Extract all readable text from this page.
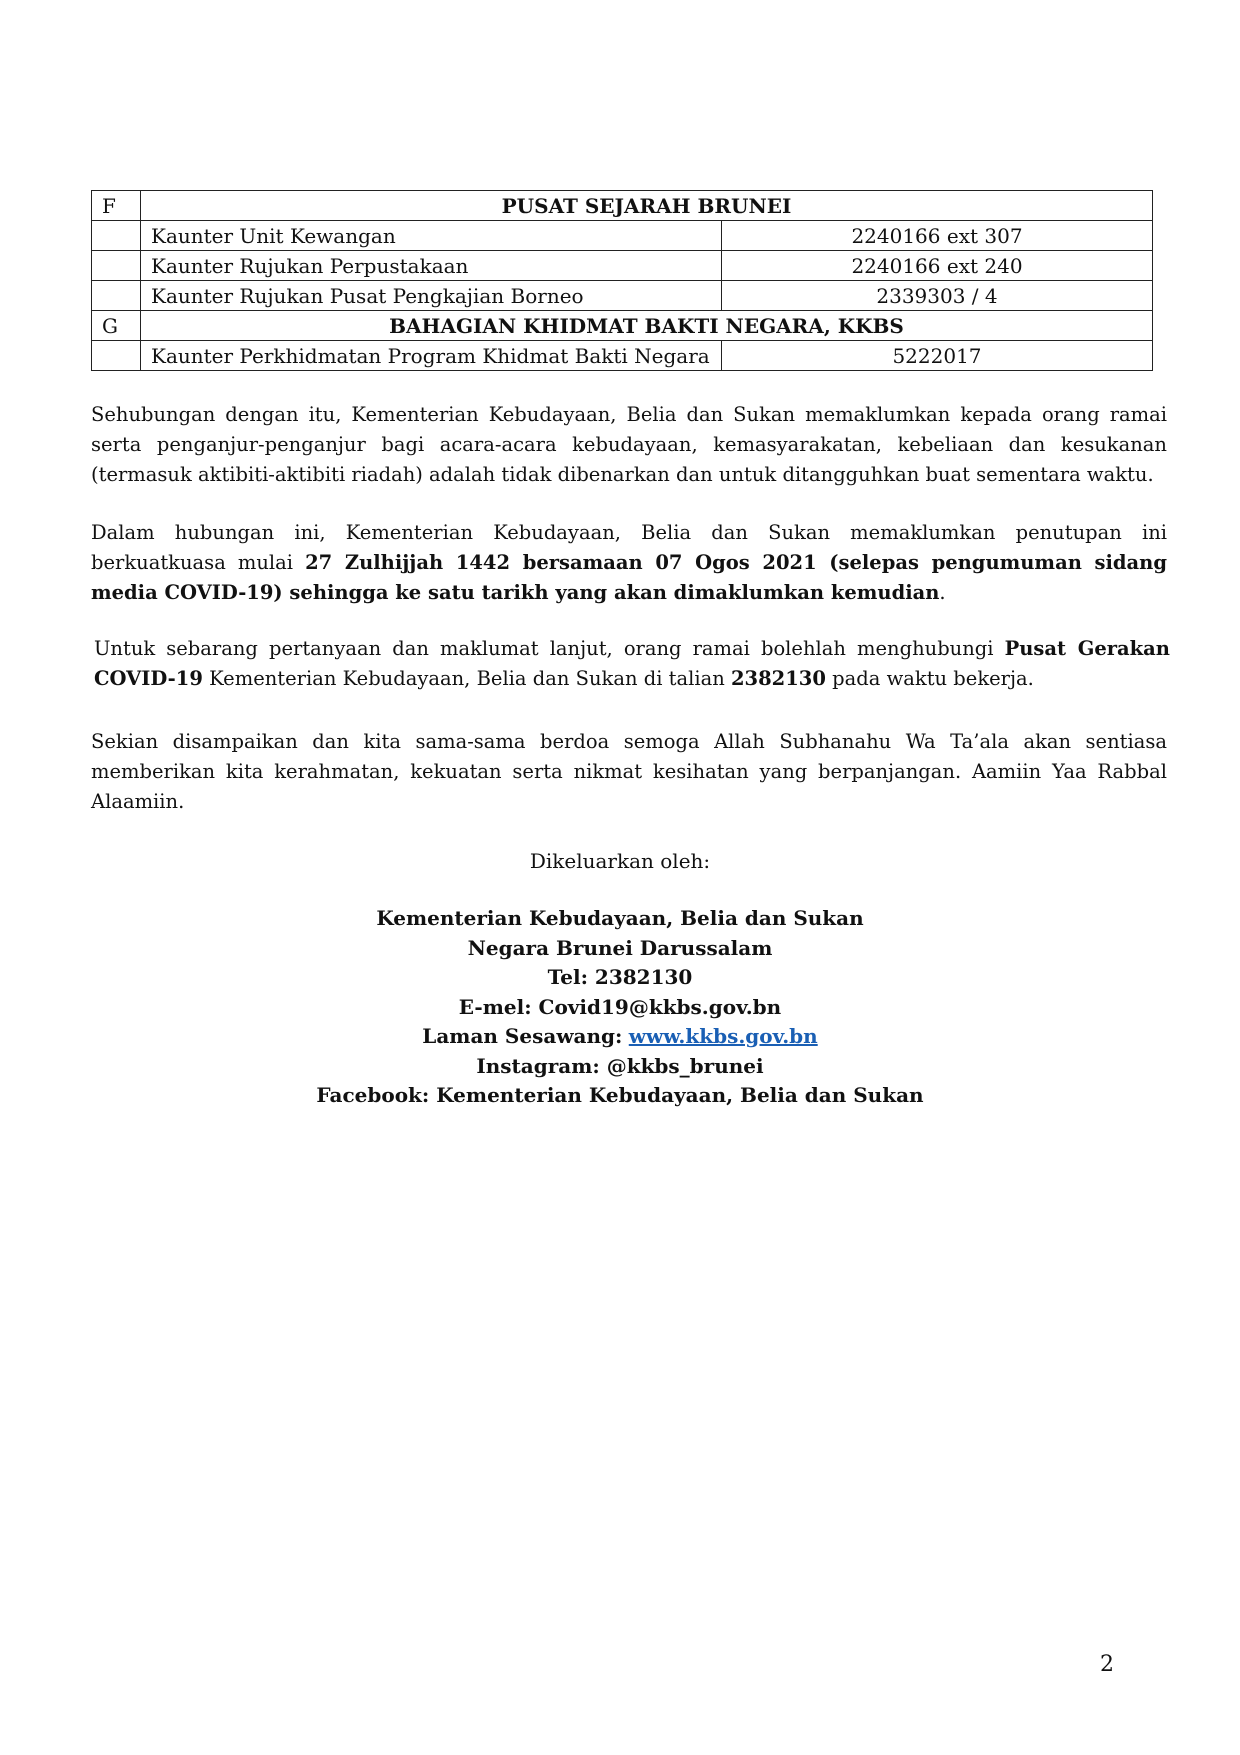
F	PUSAT SEJARAH BRUNEI	
	Kaunter Unit Kewangan	2240166 ext 307
	Kaunter Rujukan Perpustakaan	2240166 ext 240
	Kaunter Rujukan Pusat Pengkajian Borneo	2339303 / 4
G	BAHAGIAN KHIDMAT BAKTI NEGARA, KKBS	
	Kaunter Perkhidmatan Program Khidmat Bakti Negara	5222017

Sehubungan dengan itu, Kementerian Kebudayaan, Belia dan Sukan memaklumkan kepada orang ramai serta penganjur-penganjur bagi acara-acara kebudayaan, kemasyarakatan, kebeliaan dan kesukanan (termasuk aktibiti-aktibiti riadah) adalah tidak dibenarkan dan untuk ditangguhkan buat sementara waktu.

Dalam hubungan ini, Kementerian Kebudayaan, Belia dan Sukan memaklumkan penutupan ini berkuatkuasa mulai 27 Zulhijjah 1442 bersamaan 07 Ogos 2021 (selepas pengumuman sidang media COVID-19) sehingga ke satu tarikh yang akan dimaklumkan kemudian.

Untuk sebarang pertanyaan dan maklumat lanjut, orang ramai bolehlah menghubungi Pusat Gerakan COVID-19 Kementerian Kebudayaan, Belia dan Sukan di talian 2382130 pada waktu bekerja.

Sekian disampaikan dan kita sama-sama berdoa semoga Allah Subhanahu Wa Ta’ala akan sentiasa memberikan kita kerahmatan, kekuatan serta nikmat kesihatan yang berpanjangan. Aamiin Yaa Rabbal Alaamiin.

Dikeluarkan oleh:

Kementerian Kebudayaan, Belia dan Sukan
Negara Brunei Darussalam
Tel: 2382130
E-mel: Covid19@kkbs.gov.bn
Laman Sesawang: www.kkbs.gov.bn
Instagram: @kkbs_brunei
Facebook: Kementerian Kebudayaan, Belia dan Sukan
2
